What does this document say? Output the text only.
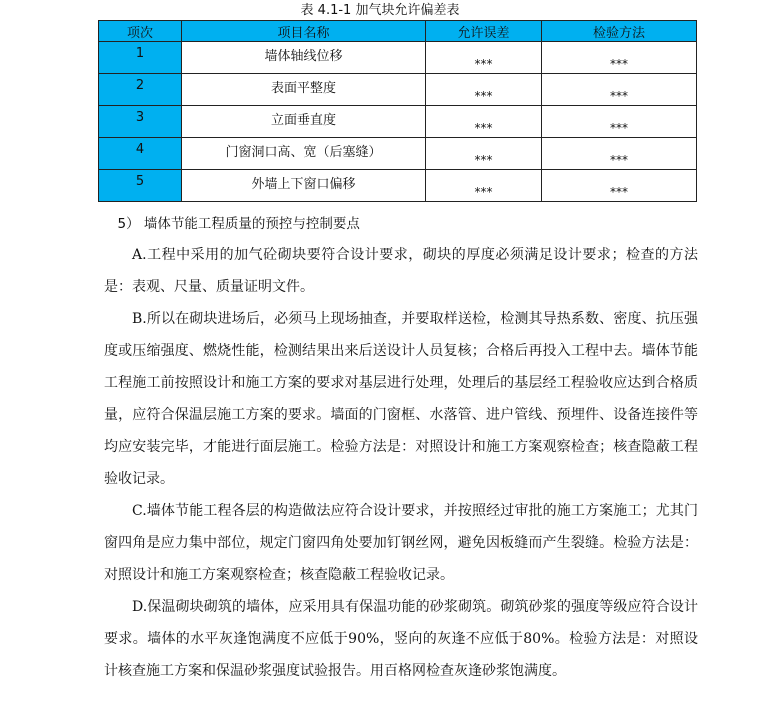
表 4.1-1 加气块允许偏差表
项次	项目名称	允许误差	检验方法
1	墙体轴线位移	***	***
2	表面平整度	***	***
3	立面垂直度	***	***
4	门窗洞口高、宽（后塞缝）	***	***
5	外墙上下窗口偏移	***	***

5） 墙体节能工程质量的预控与控制要点

A.工程中采用的加气砼砌块要符合设计要求，砌块的厚度必须满足设计要求；检查的方法是：表观、尺量、质量证明文件。

B.所以在砌块进场后，必须马上现场抽查，并要取样送检，检测其导热系数、密度、抗压强度或压缩强度、燃烧性能，检测结果出来后送设计人员复核；合格后再投入工程中去。墙体节能工程施工前按照设计和施工方案的要求对基层进行处理，处理后的基层经工程验收应达到合格质量，应符合保温层施工方案的要求。墙面的门窗框、水落管、进户管线、预埋件、设备连接件等均应安装完毕，才能进行面层施工。检验方法是：对照设计和施工方案观察检查；核查隐蔽工程验收记录。

C.墙体节能工程各层的构造做法应符合设计要求，并按照经过审批的施工方案施工；尤其门窗四角是应力集中部位，规定门窗四角处要加钉钢丝网，避免因板缝而产生裂缝。检验方法是：对照设计和施工方案观察检查；核查隐蔽工程验收记录。

D.保温砌块砌筑的墙体，应采用具有保温功能的砂浆砌筑。砌筑砂浆的强度等级应符合设计要求。墙体的水平灰逢饱满度不应低于90%，竖向的灰逢不应低于80%。检验方法是：对照设计核查施工方案和保温砂浆强度试验报告。用百格网检查灰逢砂浆饱满度。
